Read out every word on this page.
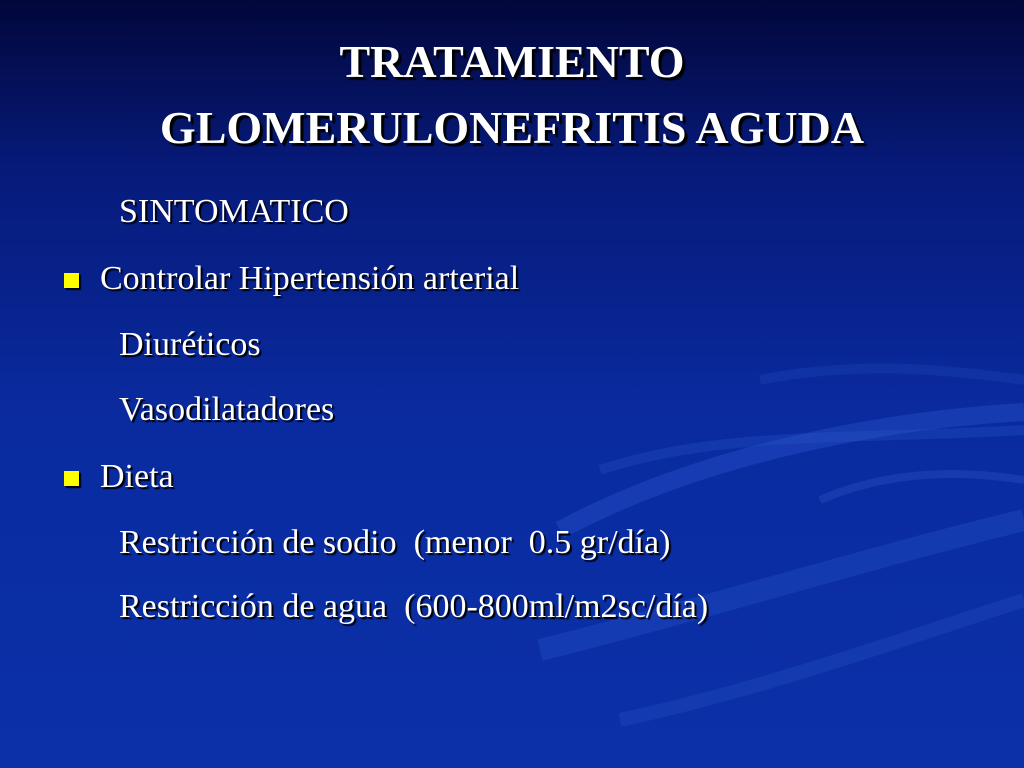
TRATAMIENTO
GLOMERULONEFRITIS AGUDA
SINTOMATICO
Controlar Hipertensión arterial
Diuréticos
Vasodilatadores
Dieta
Restricción de sodio  (menor  0.5 gr/día)
Restricción de agua  (600-800ml/m2sc/día)
